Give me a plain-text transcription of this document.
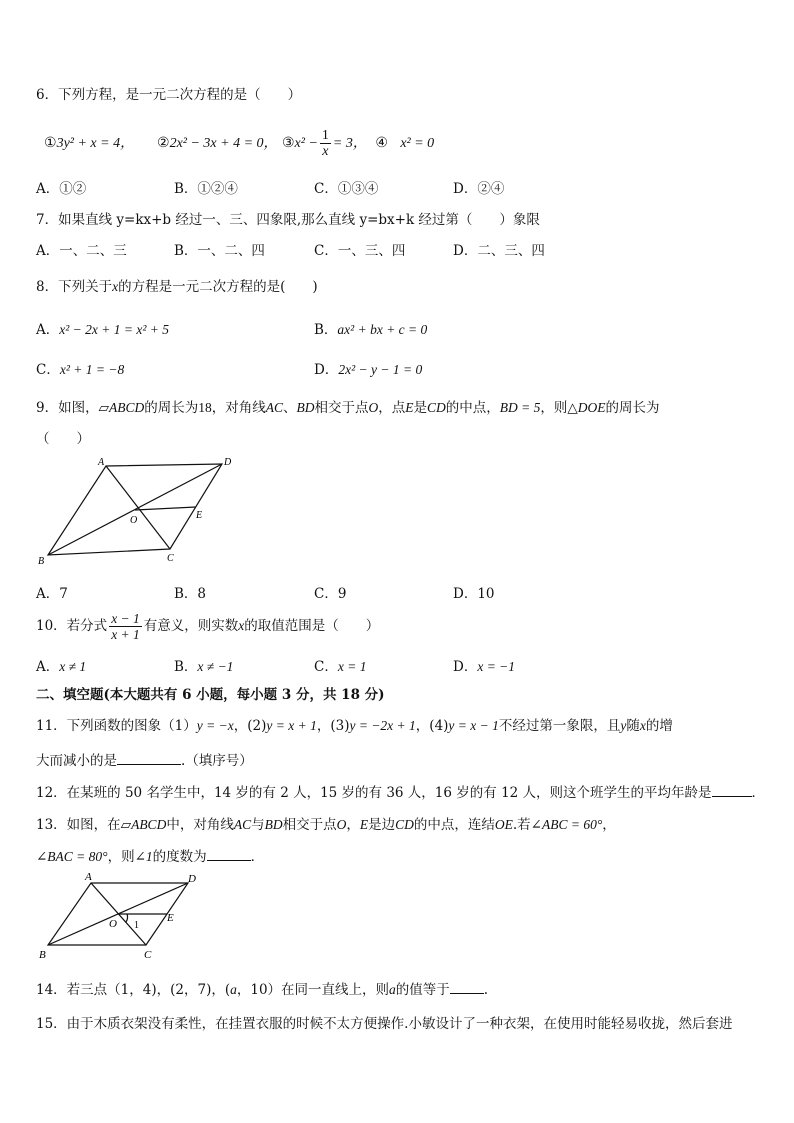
6．下列方程，是一元二次方程的是（　　）
①3y² + x = 4， ②2x² − 3x + 4 = 0， ③x² − $\frac{1}{x} = 3$， ④ x² = 0
A．①②	B．①②④	C．①③④	D．②④
7．如果直线 y=kx+b 经过一、三、四象限,那么直线 y=bx+k 经过第（　　）象限
A．一、二、三	B．一、二、四	C．一、三、四	D．二、三、四
8．下列关于x的方程是一元二次方程的是(　　)
A．x² − 2x + 1 = x² + 5	B．ax² + bx + c = 0
C．x² + 1 = −8	D．2x² − y − 1 = 0
9．如图，▱ABCD的周长为18，对角线AC、BD相交于点O，点E是CD的中点，BD = 5，则△DOE的周长为
（　　）
A	D
O	E
B	C
A．7	B．8	C．9	D．10
10．若分式 $\frac{x - 1}{x + 1}$ 有意义，则实数x的取值范围是（　　）
A．x ≠ 1	B．x ≠ −1	C．x = 1	D．x = −1
二、填空题(本大题共有 6 小题，每小题 3 分，共 18 分)
11．下列函数的图象（1）y = −x，(2)y = x + 1，(3)y = −2x + 1，(4)y = x − 1不经过第一象限，且y随x的增
大而减小的是	.（填序号）
12．在某班的 50 名学生中，14 岁的有 2 人，15 岁的有 36 人，16 岁的有 12 人，则这个班学生的平均年龄是	．
13．如图，在▱ABCD中，对角线AC与BD相交于点O，E是边CD的中点，连结OE.若∠ABC = 60°，
∠BAC = 80°，则∠1的度数为	．
A	D
O 1
E
B	C
14．若三点（1，4)，(2，7)，(a，10）在同一直线上，则a的值等于	.
15．由于木质衣架没有柔性，在挂置衣服的时候不太方便操作.小敏设计了一种衣架，在使用时能轻易收拢，然后套进
